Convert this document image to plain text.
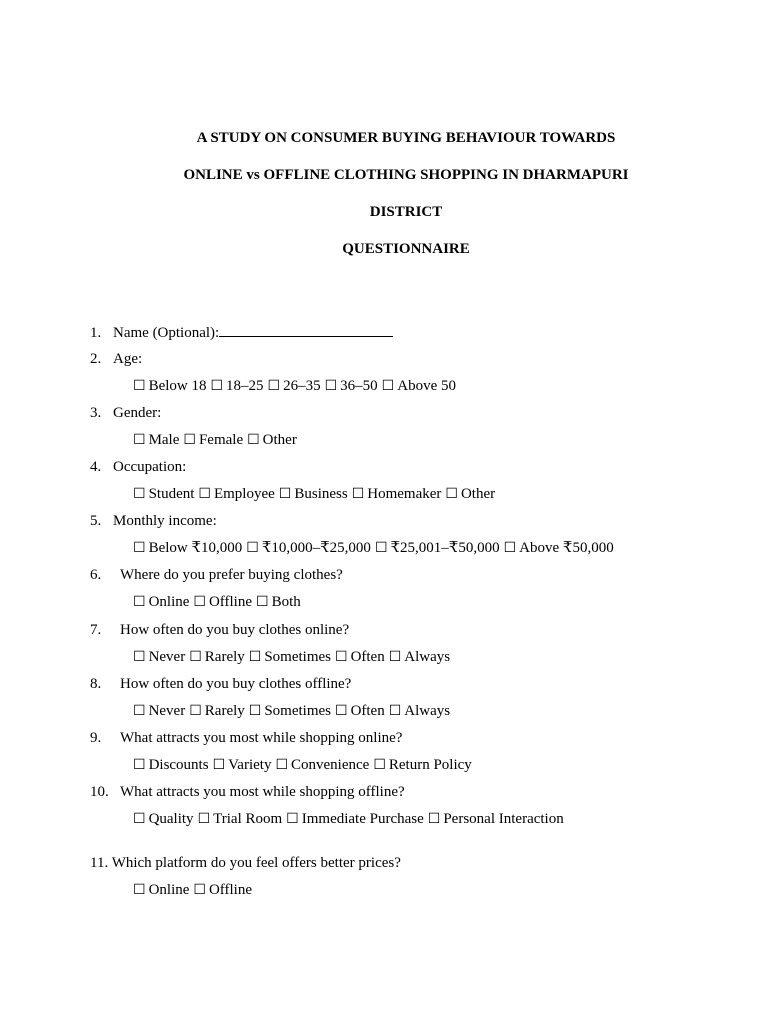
A STUDY ON CONSUMER BUYING BEHAVIOUR TOWARDS
ONLINE vs OFFLINE CLOTHING SHOPPING IN DHARMAPURI
DISTRICT
QUESTIONNAIRE
1. Name (Optional):
2. Age:
☐ Below 18 ☐ 18–25 ☐ 26–35 ☐ 36–50 ☐ Above 50
3. Gender:
☐ Male ☐ Female ☐ Other
4. Occupation:
☐ Student ☐ Employee ☐ Business ☐ Homemaker ☐ Other
5. Monthly income:
☐ Below ₹10,000 ☐ ₹10,000–₹25,000 ☐ ₹25,001–₹50,000 ☐ Above ₹50,000
6. Where do you prefer buying clothes?
☐ Online ☐ Offline ☐ Both
7. How often do you buy clothes online?
☐ Never ☐ Rarely ☐ Sometimes ☐ Often ☐ Always
8. How often do you buy clothes offline?
☐ Never ☐ Rarely ☐ Sometimes ☐ Often ☐ Always
9. What attracts you most while shopping online?
☐ Discounts ☐ Variety ☐ Convenience ☐ Return Policy
10. What attracts you most while shopping offline?
☐ Quality ☐ Trial Room ☐ Immediate Purchase ☐ Personal Interaction
11. Which platform do you feel offers better prices?
☐ Online ☐ Offline
